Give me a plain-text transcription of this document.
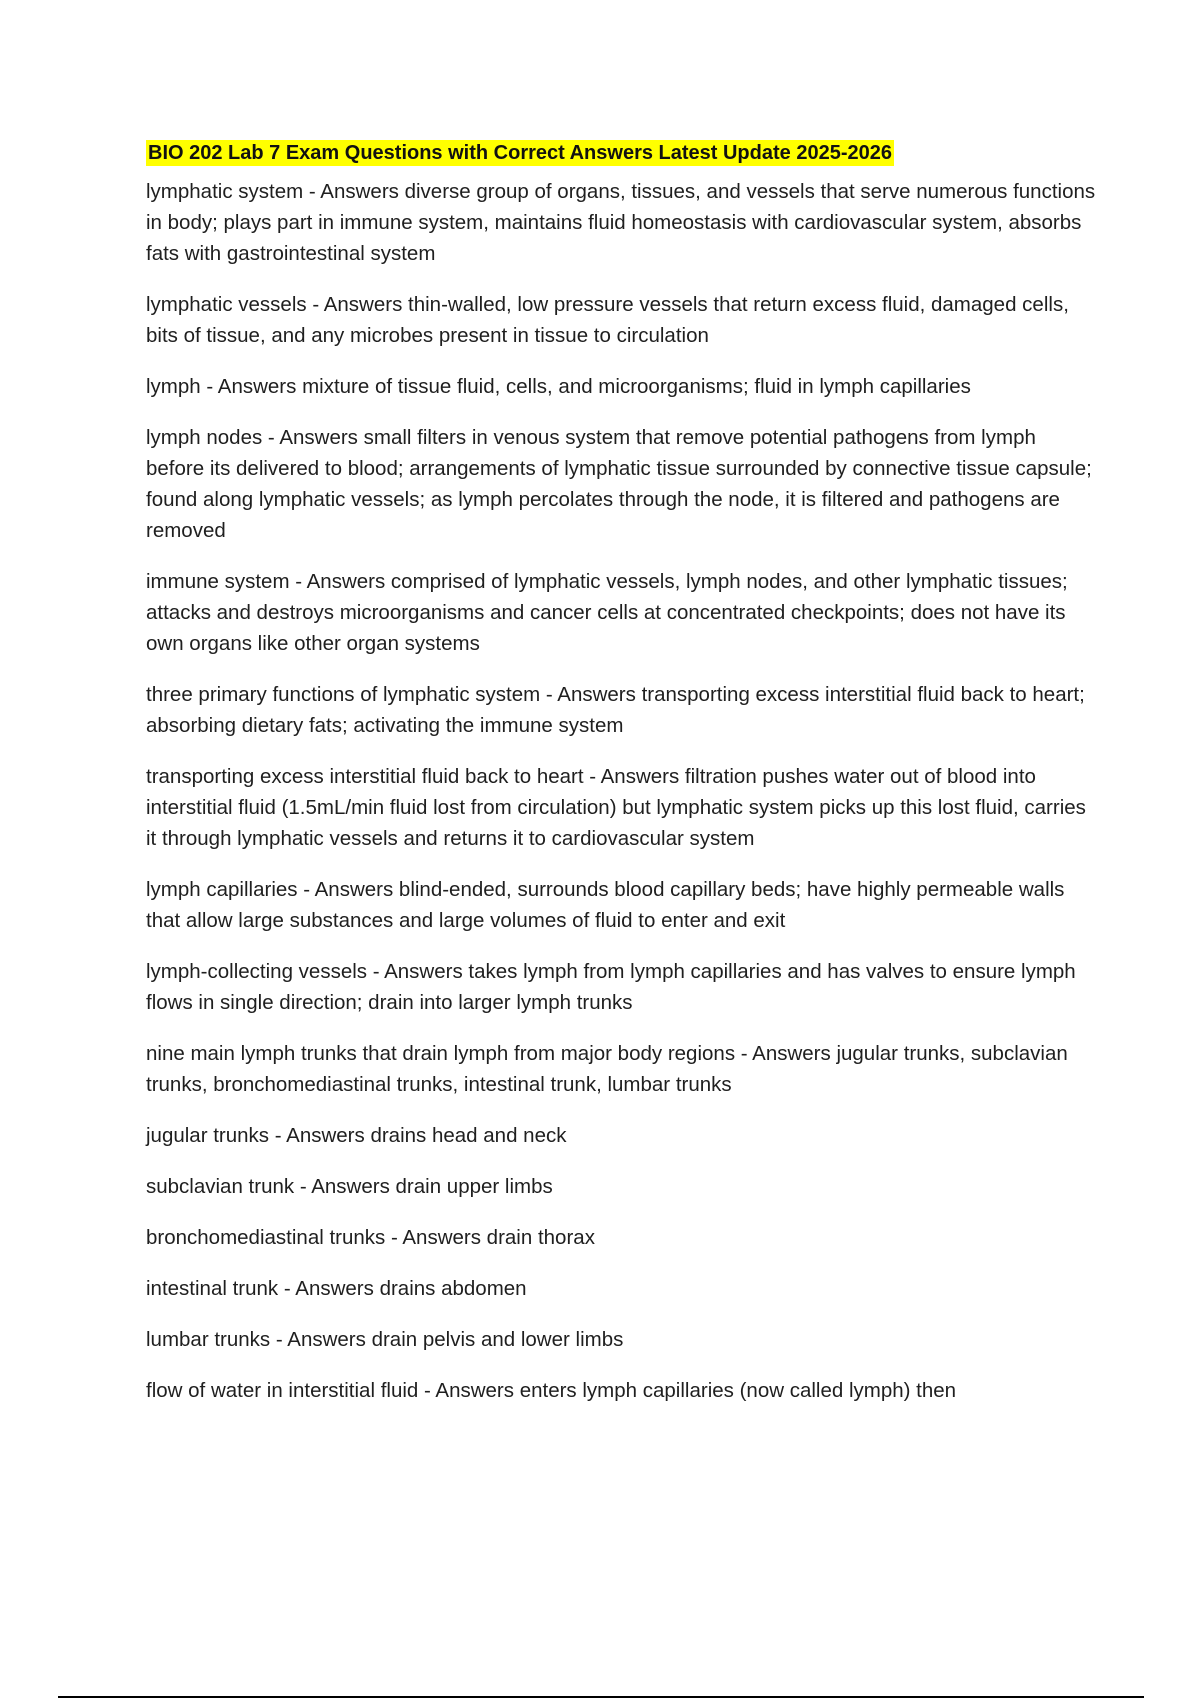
BIO 202 Lab 7 Exam Questions with Correct Answers Latest Update 2025-2026

lymphatic system - Answers diverse group of organs, tissues, and vessels that serve numerous functions in body; plays part in immune system, maintains fluid homeostasis with cardiovascular system, absorbs fats with gastrointestinal system

lymphatic vessels - Answers thin-walled, low pressure vessels that return excess fluid, damaged cells, bits of tissue, and any microbes present in tissue to circulation

lymph - Answers mixture of tissue fluid, cells, and microorganisms; fluid in lymph capillaries

lymph nodes - Answers small filters in venous system that remove potential pathogens from lymph before its delivered to blood; arrangements of lymphatic tissue surrounded by connective tissue capsule; found along lymphatic vessels; as lymph percolates through the node, it is filtered and pathogens are removed

immune system - Answers comprised of lymphatic vessels, lymph nodes, and other lymphatic tissues; attacks and destroys microorganisms and cancer cells at concentrated checkpoints; does not have its own organs like other organ systems

three primary functions of lymphatic system - Answers transporting excess interstitial fluid back to heart; absorbing dietary fats; activating the immune system

transporting excess interstitial fluid back to heart - Answers filtration pushes water out of blood into interstitial fluid (1.5mL/min fluid lost from circulation) but lymphatic system picks up this lost fluid, carries it through lymphatic vessels and returns it to cardiovascular system

lymph capillaries - Answers blind-ended, surrounds blood capillary beds; have highly permeable walls that allow large substances and large volumes of fluid to enter and exit

lymph-collecting vessels - Answers takes lymph from lymph capillaries and has valves to ensure lymph flows in single direction; drain into larger lymph trunks

nine main lymph trunks that drain lymph from major body regions - Answers jugular trunks, subclavian trunks, bronchomediastinal trunks, intestinal trunk, lumbar trunks

jugular trunks - Answers drains head and neck

subclavian trunk - Answers drain upper limbs

bronchomediastinal trunks - Answers drain thorax

intestinal trunk - Answers drains abdomen

lumbar trunks - Answers drain pelvis and lower limbs

flow of water in interstitial fluid - Answers enters lymph capillaries (now called lymph) then
